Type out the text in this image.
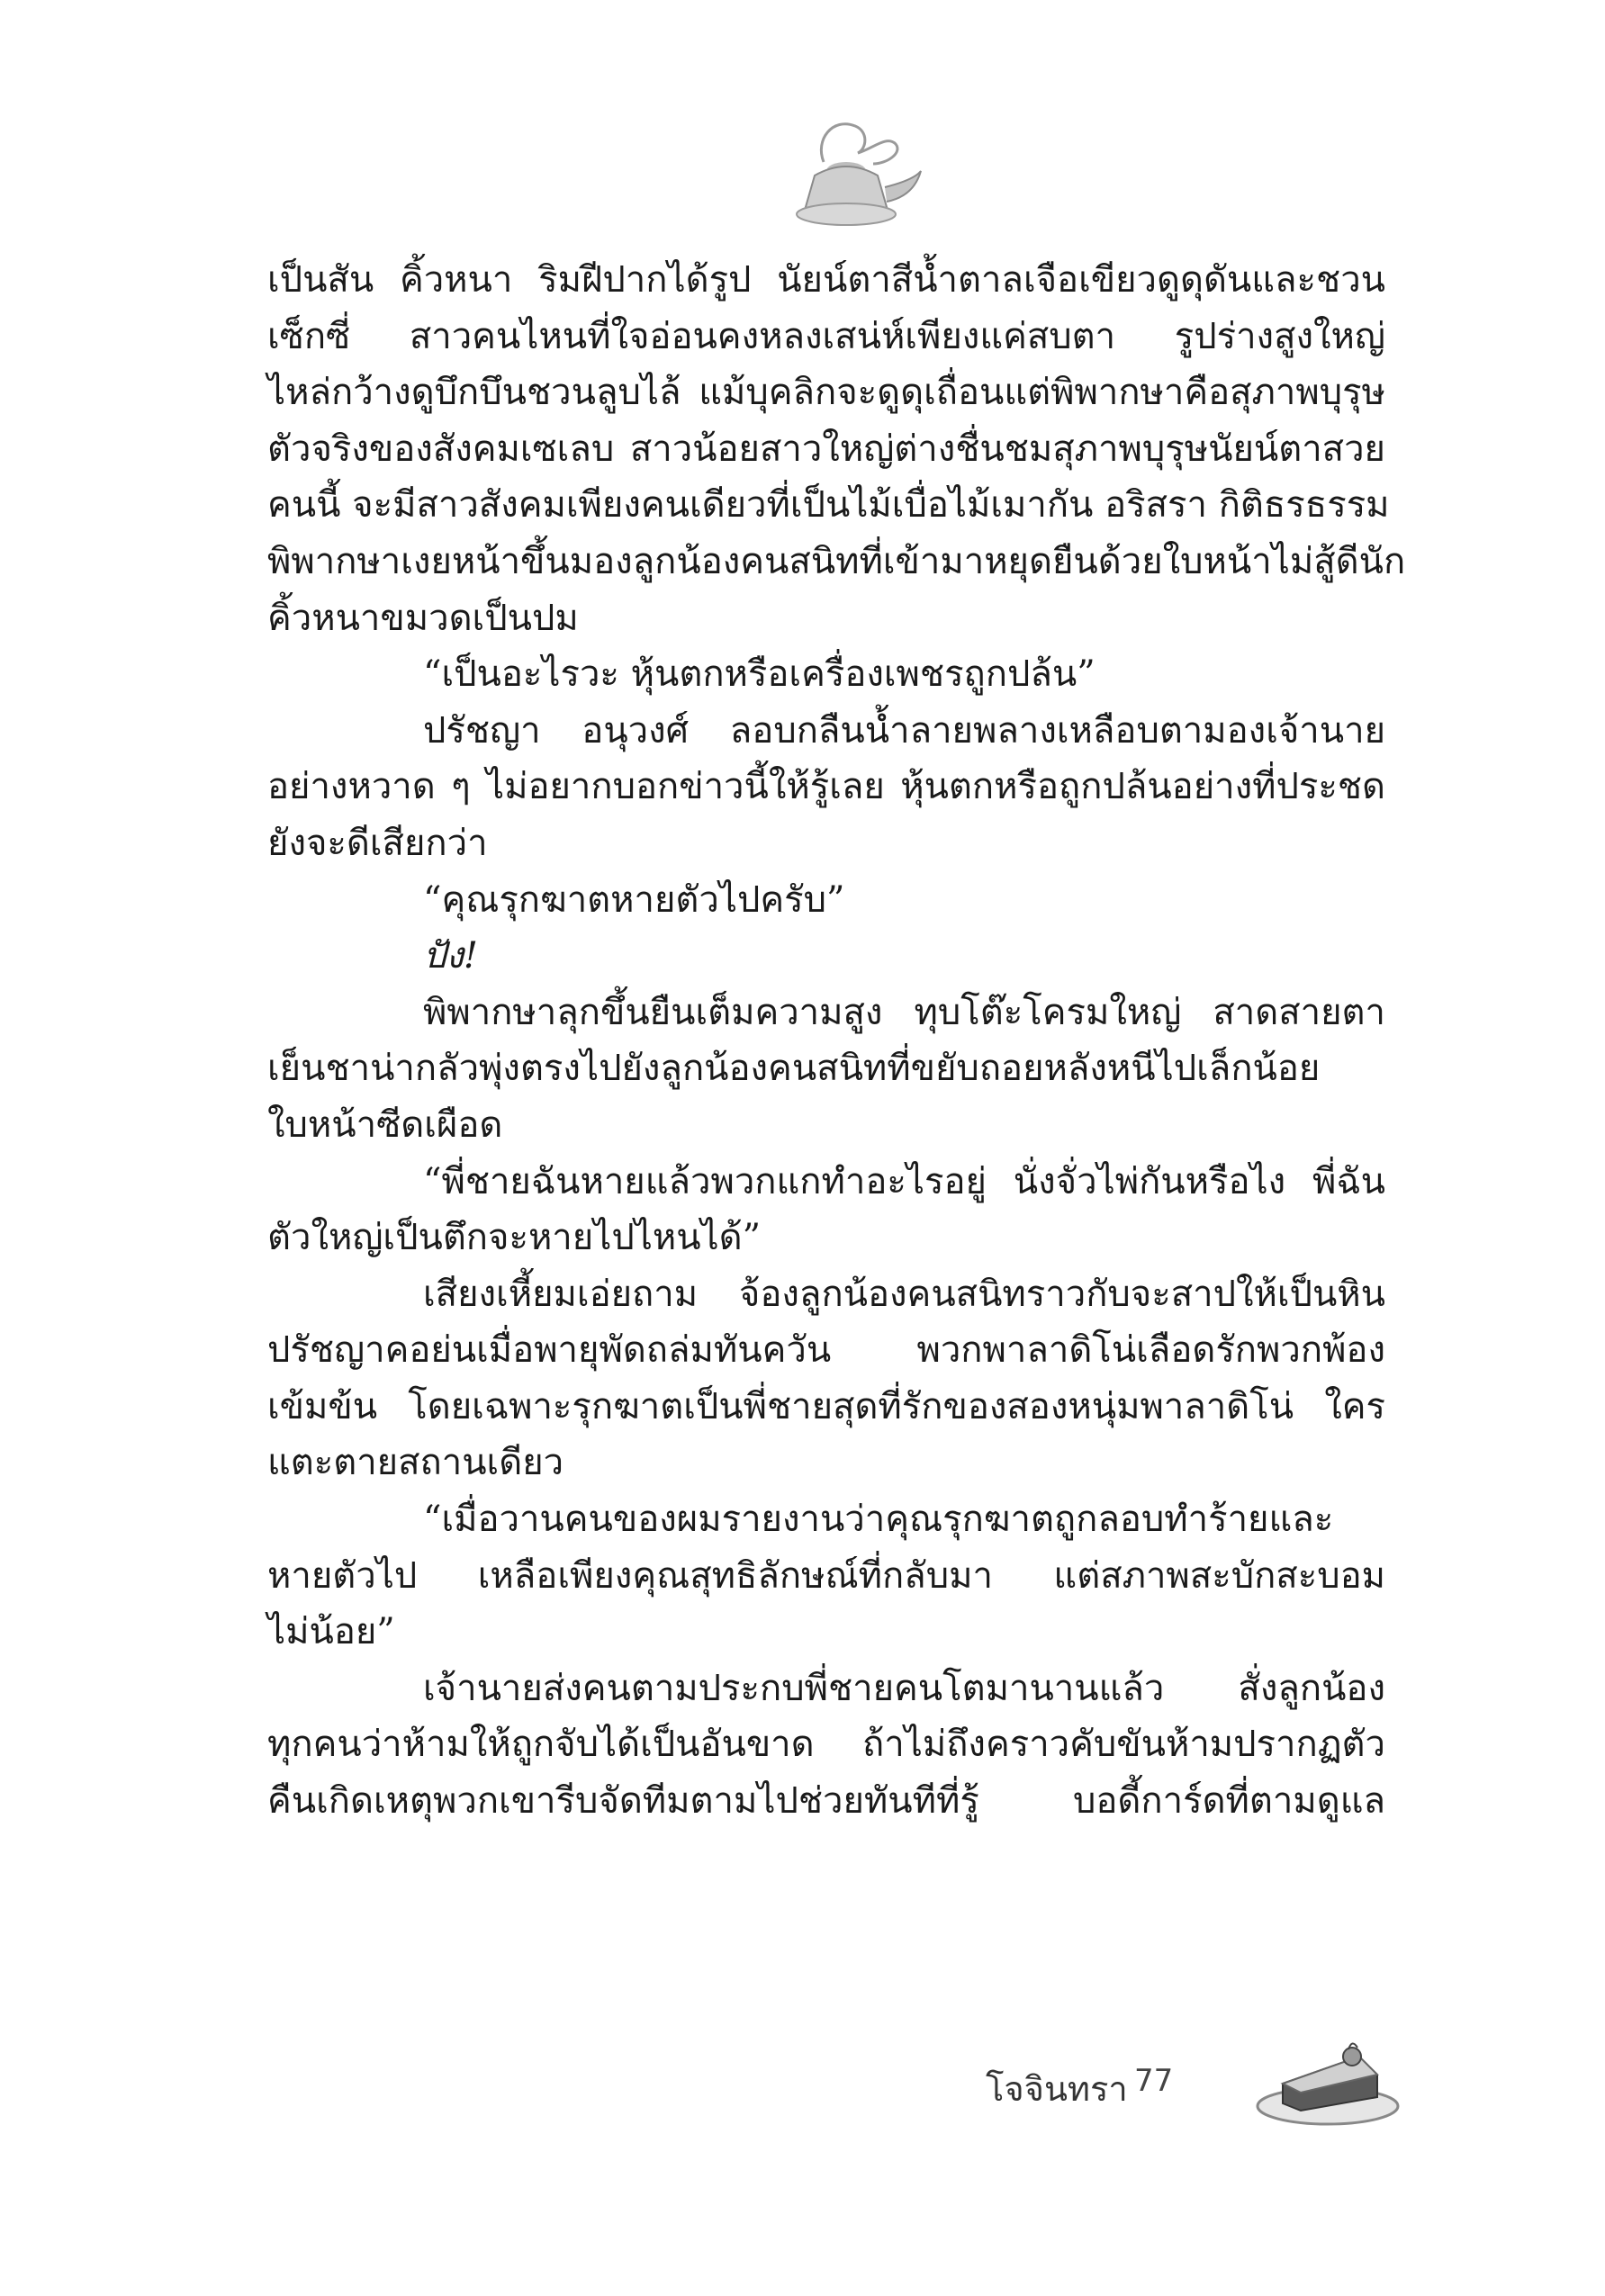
เป็นสัน คิ้วหนา ริมฝีปากได้รูป นัยน์ตาสีน้ำตาลเจือเขียวดูดุดันและชวน
เซ็กซี่ สาวคนไหนที่ใจอ่อนคงหลงเสน่ห์เพียงแค่สบตา รูปร่างสูงใหญ่
ไหล่กว้างดูบึกบึนชวนลูบไล้ แม้บุคลิกจะดูดุเถื่อนแต่พิพากษาคือสุภาพบุรุษ
ตัวจริงของสังคมเซเลบ สาวน้อยสาวใหญ่ต่างชื่นชมสุภาพบุรุษนัยน์ตาสวย
คนนี้ จะมีสาวสังคมเพียงคนเดียวที่เป็นไม้เบื่อไม้เมากัน อริสรา กิติธรธรรม
พิพากษาเงยหน้าขึ้นมองลูกน้องคนสนิทที่เข้ามาหยุดยืนด้วยใบหน้าไม่สู้ดีนัก
คิ้วหนาขมวดเป็นปม
“เป็นอะไรวะ หุ้นตกหรือเครื่องเพชรถูกปล้น”
ปรัชญา อนุวงศ์ ลอบกลืนน้ำลายพลางเหลือบตามองเจ้านาย
อย่างหวาด ๆ ไม่อยากบอกข่าวนี้ให้รู้เลย หุ้นตกหรือถูกปล้นอย่างที่ประชด
ยังจะดีเสียกว่า
“คุณรุกฆาตหายตัวไปครับ”
ปัง!
พิพากษาลุกขึ้นยืนเต็มความสูง ทุบโต๊ะโครมใหญ่ สาดสายตา
เย็นชาน่ากลัวพุ่งตรงไปยังลูกน้องคนสนิทที่ขยับถอยหลังหนีไปเล็กน้อย
ใบหน้าซีดเผือด
“พี่ชายฉันหายแล้วพวกแกทำอะไรอยู่ นั่งจั่วไพ่กันหรือไง พี่ฉัน
ตัวใหญ่เป็นตึกจะหายไปไหนได้”
เสียงเหี้ยมเอ่ยถาม จ้องลูกน้องคนสนิทราวกับจะสาปให้เป็นหิน
ปรัชญาคอย่นเมื่อพายุพัดถล่มทันควัน พวกพาลาดิโน่เลือดรักพวกพ้อง
เข้มข้น โดยเฉพาะรุกฆาตเป็นพี่ชายสุดที่รักของสองหนุ่มพาลาดิโน่ ใคร
แตะตายสถานเดียว
“เมื่อวานคนของผมรายงานว่าคุณรุกฆาตถูกลอบทำร้ายและ
หายตัวไป เหลือเพียงคุณสุทธิลักษณ์ที่กลับมา แต่สภาพสะบักสะบอม
ไม่น้อย”
เจ้านายส่งคนตามประกบพี่ชายคนโตมานานแล้ว สั่งลูกน้อง
ทุกคนว่าห้ามให้ถูกจับได้เป็นอันขาด ถ้าไม่ถึงคราวคับขันห้ามปรากฏตัว
คืนเกิดเหตุพวกเขารีบจัดทีมตามไปช่วยทันทีที่รู้ บอดี้การ์ดที่ตามดูแล
โจจินทรา 77
